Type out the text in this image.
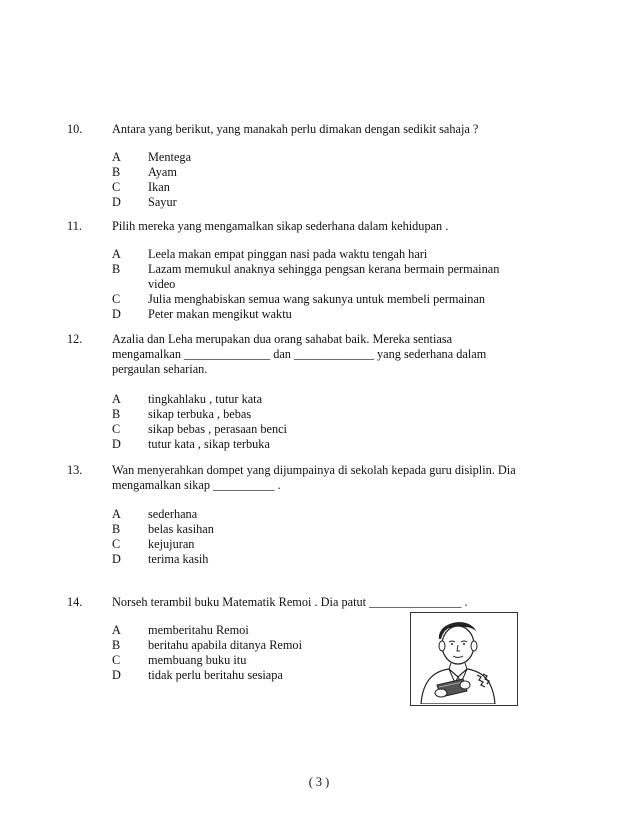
10. Antara yang berikut, yang manakah perlu dimakan dengan sedikit sahaja ?
A Mentega
B Ayam
C Ikan
D Sayur
11. Pilih mereka yang mengamalkan sikap sederhana dalam kehidupan .
A Leela makan empat pinggan nasi pada waktu tengah hari
B Lazam memukul anaknya sehingga pengsan kerana bermain permainan video
C Julia menghabiskan semua wang sakunya untuk membeli permainan
D Peter makan mengikut waktu
12. Azalia dan Leha merupakan dua orang sahabat baik. Mereka sentiasa mengamalkan ______________ dan _____________ yang sederhana dalam pergaulan seharian.
A tingkahlaku , tutur kata
B sikap terbuka , bebas
C sikap bebas , perasaan benci
D tutur kata , sikap terbuka
13. Wan menyerahkan dompet yang dijumpainya di sekolah kepada guru disiplin. Dia mengamalkan sikap __________ .
A sederhana
B belas kasihan
C kejujuran
D terima kasih
14. Norseh terambil buku Matematik Remoi . Dia patut _______________ .
A memberitahu Remoi
B beritahu apabila ditanya Remoi
C membuang buku itu
D tidak perlu beritahu sesiapa
( 3 )
